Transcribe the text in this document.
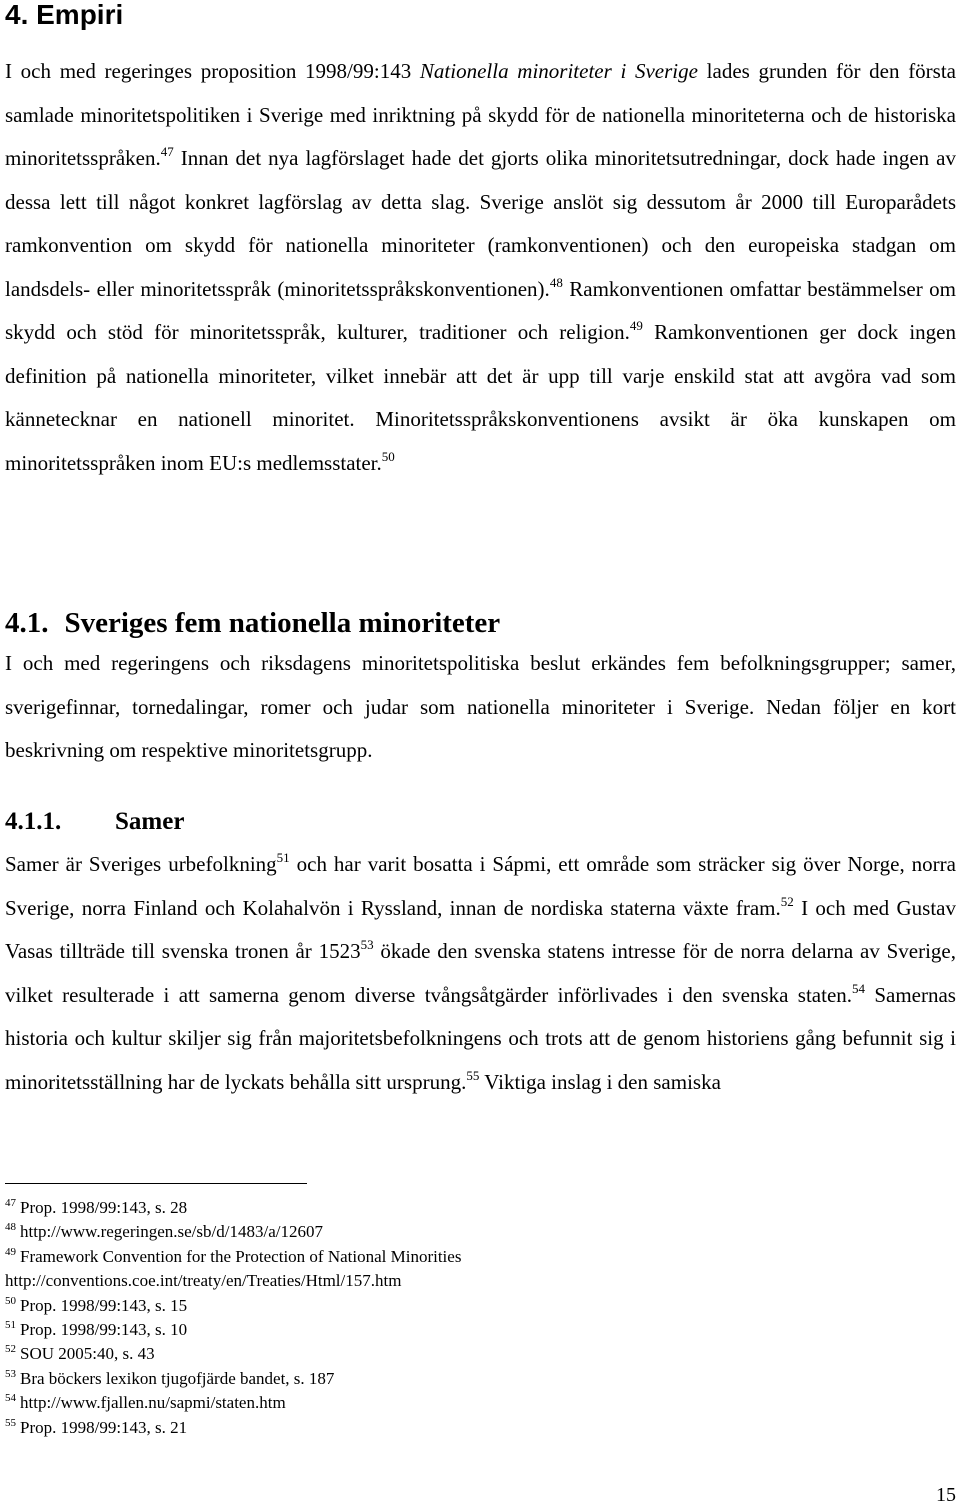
4. Empiri

I och med regeringes proposition 1998/99:143 Nationella minoriteter i Sverige lades grunden för den första samlade minoritetspolitiken i Sverige med inriktning på skydd för de nationella minoriteterna och de historiska minoritetsspråken.$^{47}$ Innan det nya lagförslaget hade det gjorts olika minoritetsutredningar, dock hade ingen av dessa lett till något konkret lagförslag av detta slag. Sverige anslöt sig dessutom år 2000 till Europarådets ramkonvention om skydd för nationella minoriteter (ramkonventionen) och den europeiska stadgan om landsdels- eller minoritetsspråk (minoritetsspråkskonventionen).$^{48}$ Ramkonventionen omfattar bestämmelser om skydd och stöd för minoritetsspråk, kulturer, traditioner och religion.$^{49}$ Ramkonventionen ger dock ingen definition på nationella minoriteter, vilket innebär att det är upp till varje enskild stat att avgöra vad som kännetecknar en nationell minoritet. Minoritetsspråkskonventionens avsikt är öka kunskapen om minoritetsspråken inom EU:s medlemsstater.$^{50}$

4.1. Sveriges fem nationella minoriteter

I och med regeringens och riksdagens minoritetspolitiska beslut erkändes fem befolkningsgrupper; samer, sverigefinnar, tornedalingar, romer och judar som nationella minoriteter i Sverige. Nedan följer en kort beskrivning om respektive minoritetsgrupp.

4.1.1. Samer

Samer är Sveriges urbefolkning$^{51}$ och har varit bosatta i Sápmi, ett område som sträcker sig över Norge, norra Sverige, norra Finland och Kolahalvön i Ryssland, innan de nordiska staterna växte fram.$^{52}$ I och med Gustav Vasas tillträde till svenska tronen år 1523$^{53}$ ökade den svenska statens intresse för de norra delarna av Sverige, vilket resulterade i att samerna genom diverse tvångsåtgärder införlivades i den svenska staten.$^{54}$ Samernas historia och kultur skiljer sig från majoritetsbefolkningens och trots att de genom historiens gång befunnit sig i minoritetsställning har de lyckats behålla sitt ursprung.$^{55}$ Viktiga inslag i den samiska

$^{47}$ Prop. 1998/99:143, s. 28
$^{48}$ http://www.regeringen.se/sb/d/1483/a/12607
$^{49}$ Framework Convention for the Protection of National Minorities
http://conventions.coe.int/treaty/en/Treaties/Html/157.htm
$^{50}$ Prop. 1998/99:143, s. 15
$^{51}$ Prop. 1998/99:143, s. 10
$^{52}$ SOU 2005:40, s. 43
$^{53}$ Bra böckers lexikon tjugofjärde bandet, s. 187
$^{54}$ http://www.fjallen.nu/sapmi/staten.htm
$^{55}$ Prop. 1998/99:143, s. 21
15
